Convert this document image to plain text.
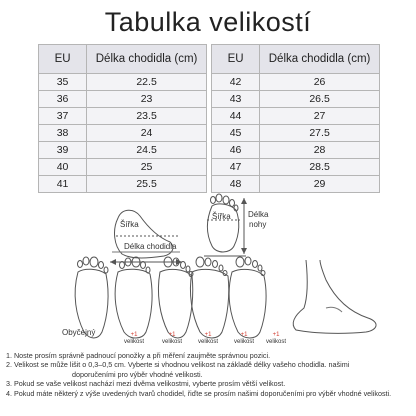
Tabulka velikostí
EU	Délka chodidla (cm)
35	22.5
36	23
37	23.5
38	24
39	24.5
40	25
41	25.5
EU	Délka chodidla (cm)
42	26
43	26.5
44	27
45	27.5
46	28
47	28.5
48	29
Šířka
Délka chodidla
Šířka Délka
nohy
Obyčejný	+1
velikost
+1
velikost
+1
velikost
+1
velikost
+1
velikost

1. Noste prosím správně padnoucí ponožky a při měření zaujměte správnou pozici.

2. Velikost se může lišit o 0,3–0,5 cm. Vyberte si vhodnou velikost na základě délky vašeho chodidla. našimi

doporučeními pro výběr vhodné velikosti.

3. Pokud se vaše velikost nachází mezi dvěma velikostmi, vyberte prosím větší velikost.

4. Pokud máte některý z výše uvedených tvarů chodidel, řiďte se prosím našimi doporučeními pro výběr vhodné velikosti.
